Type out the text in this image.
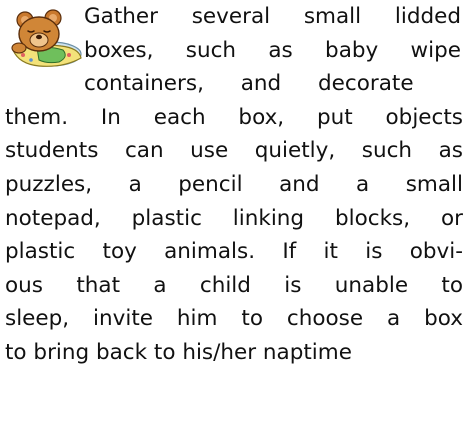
Gather several small lidded
boxes, such as baby wipe
containers, and decorate
them. In each box, put objects
students can use quietly, such as
puzzles, a pencil and a small
notepad, plastic linking blocks, or
plastic toy animals. If it is obvi-
ous that a child is unable to
sleep, invite him to choose a box
to bring back to his/her naptime
